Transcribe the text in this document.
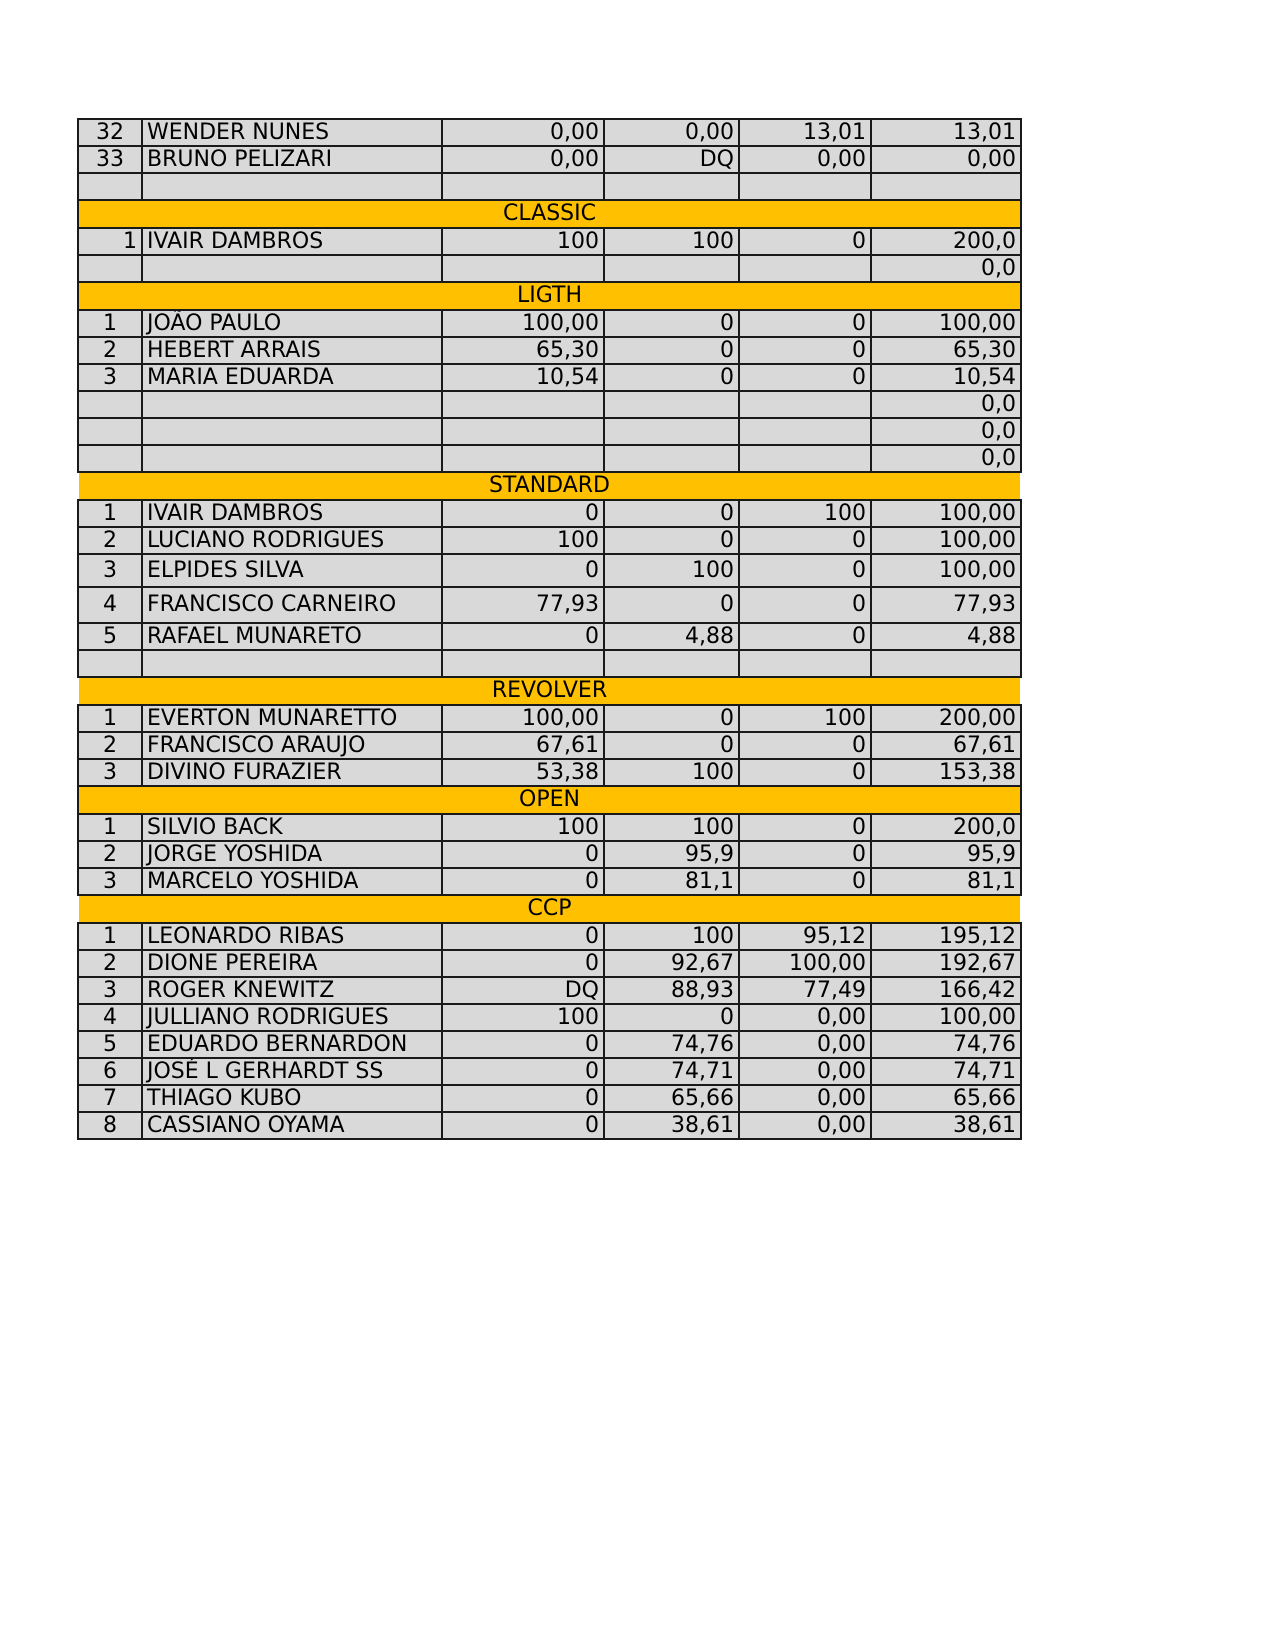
32	WENDER NUNES	0,00	0,00	13,01	13,01
33	BRUNO PELIZARI	0,00	DQ	0,00	0,00

CLASSIC					
1	IVAIR DAMBROS	100	100	0	200,0
					0,0
LIGTH					
1	JOÃO PAULO	100,00	0	0	100,00
2	HEBERT ARRAIS	65,30	0	0	65,30
3	MARIA EDUARDA	10,54	0	0	10,54
					0,0
					0,0
					0,0
STANDARD					
1	IVAIR DAMBROS	0	0	100	100,00
2	LUCIANO RODRIGUES	100	0	0	100,00
3	ELPIDES SILVA	0	100	0	100,00
4	FRANCISCO CARNEIRO	77,93	0	0	77,93
5	RAFAEL MUNARETO	0	4,88	0	4,88

REVOLVER					
1	EVERTON MUNARETTO	100,00	0	100	200,00
2	FRANCISCO ARAUJO	67,61	0	0	67,61
3	DIVINO FURAZIER	53,38	100	0	153,38
OPEN					
1	SILVIO BACK	100	100	0	200,0
2	JORGE YOSHIDA	0	95,9	0	95,9
3	MARCELO YOSHIDA	0	81,1	0	81,1
CCP					
1	LEONARDO RIBAS	0	100	95,12	195,12
2	DIONE PEREIRA	0	92,67	100,00	192,67
3	ROGER KNEWITZ	DQ	88,93	77,49	166,42
4	JULLIANO RODRIGUES	100	0	0,00	100,00
5	EDUARDO BERNARDON	0	74,76	0,00	74,76
6	JOSÉ L GERHARDT SS	0	74,71	0,00	74,71
7	THIAGO KUBO	0	65,66	0,00	65,66
8	CASSIANO OYAMA	0	38,61	0,00	38,61
